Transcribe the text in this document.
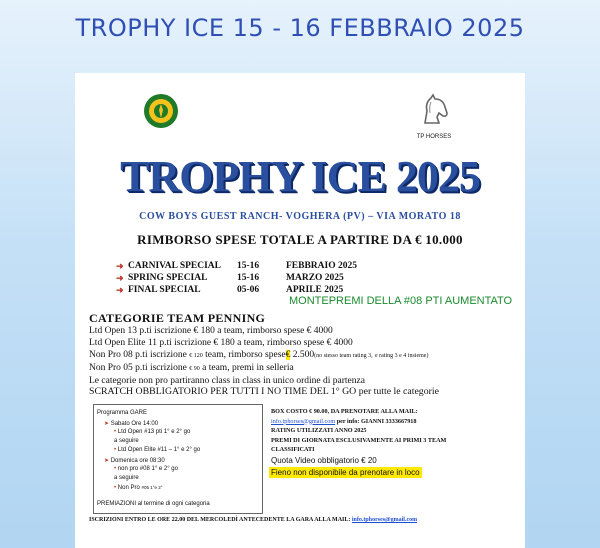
TROPHY ICE 15 - 16 FEBBRAIO 2025
TP HORSES
TROPHY ICE 2025
COW BOYS GUEST RANCH- VOGHERA (PV) – VIA MORATO 18
RIMBORSO SPESE TOTALE A PARTIRE DA € 10.000
➜ CARNIVAL SPECIAL 15-16	FEBBRAIO 2025
➜ SPRING SPECIAL	15-16	MARZO 2025
➜ FINAL SPECIAL	05-06	APRILE 2025
MONTEPREMI DELLA #08 PTI AUMENTATO
CATEGORIE TEAM PENNING
Ltd Open 13 p.ti iscrizione € 180 a team, rimborso spese € 4000
Ltd Open Elite 11 p.ti iscrizione € 180 a team, rimborso spese € 4000
Non Pro 08 p.ti iscrizione € 120 team, rimborso spese€ 2.500(no stesso team rating 3, e rating 3 e 4 insieme)
Non Pro 05 p.ti iscrizione € 90 a team, premi in selleria
Le categorie non pro partiranno class in class in unico ordine di partenza
SCRATCH OBBLIGATORIO PER TUTTI I NO TIME DEL 1° GO per tutte le categorie
Programma GARE
➤ Sabato Ore 14:00
• Ltd Open #13 pti 1° e 2° go
a seguire
• Ltd Open Elite #11 – 1° e 2° go
➤ Domenica ore 08:30
• non pro #08 1° e 2° go
a seguire
• Non Pro #05 1°e 2°
PREMIAZIONI al termine di ogni categoria
BOX COSTO € 90.00, DA PRENOTARE ALLA MAIL:
info.tphorses@gmail.com per info: GIANNI 3333667918
RATING UTILIZZATI ANNO 2025
PREMI DI GIORNATA ESCLUSIVAMENTE AI PRIMI 3 TEAM
CLASSIFICATI
Quota Video obbligatorio € 20
Fieno non disponibile da prenotare in loco
ISCRIZIONI ENTRO LE ORE 22.00 DEL MERCOLEDÌ ANTECEDENTE LA GARA ALLA MAIL: info.tphorses@gmail.com
